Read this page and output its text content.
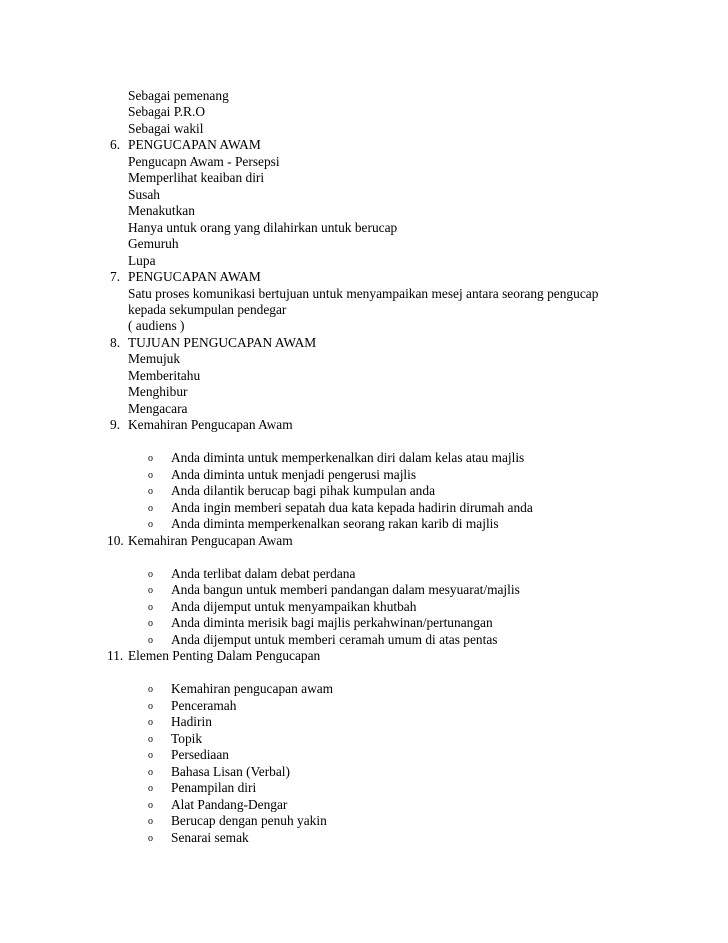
Sebagai pemenang
Sebagai P.R.O
Sebagai wakil
6. PENGUCAPAN AWAM
Pengucapn Awam - Persepsi
Memperlihat keaiban diri
Susah
Menakutkan
Hanya untuk orang yang dilahirkan untuk berucap
Gemuruh
Lupa
7. PENGUCAPAN AWAM
Satu proses komunikasi bertujuan untuk menyampaikan mesej antara seorang pengucap
kepada sekumpulan pendegar
( audiens )
8. TUJUAN PENGUCAPAN AWAM
Memujuk
Memberitahu
Menghibur
Mengacara
9. Kemahiran Pengucapan Awam
o Anda diminta untuk memperkenalkan diri dalam kelas atau majlis
o Anda diminta untuk menjadi pengerusi majlis
o Anda dilantik berucap bagi pihak kumpulan anda
o Anda ingin memberi sepatah dua kata kepada hadirin dirumah anda
o Anda diminta memperkenalkan seorang rakan karib di majlis
10. Kemahiran Pengucapan Awam
o Anda terlibat dalam debat perdana
o Anda bangun untuk memberi pandangan dalam mesyuarat/majlis
o Anda dijemput untuk menyampaikan khutbah
o Anda diminta merisik bagi majlis perkahwinan/pertunangan
o Anda dijemput untuk memberi ceramah umum di atas pentas
11. Elemen Penting Dalam Pengucapan
o Kemahiran pengucapan awam
o Penceramah
o Hadirin
o Topik
o Persediaan
o Bahasa Lisan (Verbal)
o Penampilan diri
o Alat Pandang-Dengar
o Berucap dengan penuh yakin
o Senarai semak
